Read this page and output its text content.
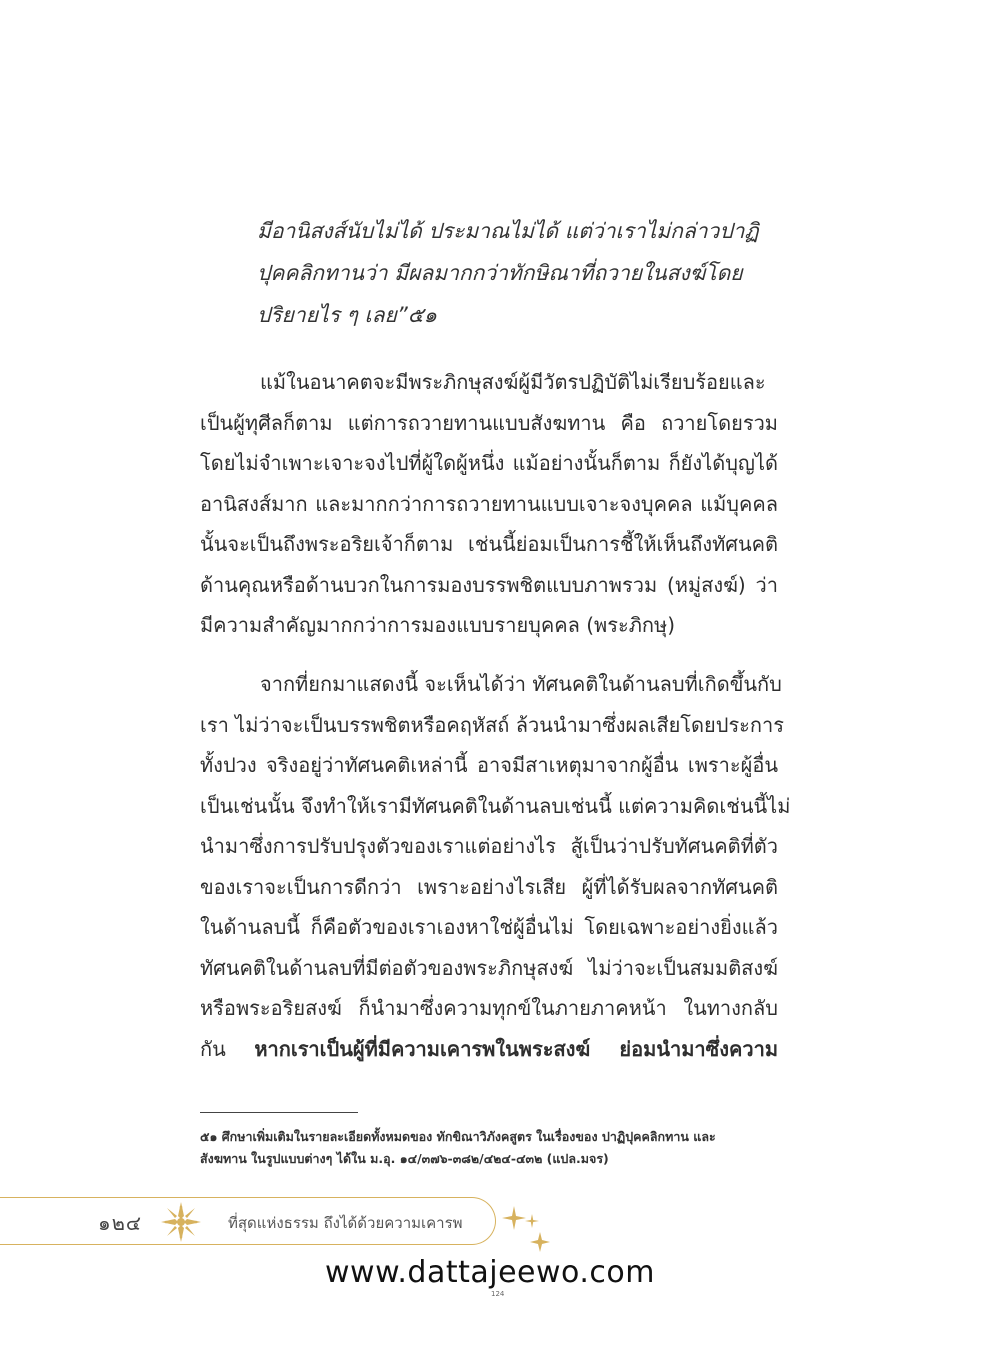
มีอานิสงส์นับไม่ได้ ประมาณไม่ได้ แต่ว่าเราไม่กล่าวปาฏิ
ปุคคลิกทานว่า มีผลมากกว่าทักษิณาที่ถวายในสงฆ์โดย
ปริยายไร ๆ เลย”๕๑
แม้ในอนาคตจะมีพระภิกษุสงฆ์ผู้มีวัตรปฏิบัติไม่เรียบร้อยและ
เป็นผู้ทุศีลก็ตาม แต่การถวายทานแบบสังฆทาน คือ ถวายโดยรวม
โดยไม่จำเพาะเจาะจงไปที่ผู้ใดผู้หนึ่ง แม้อย่างนั้นก็ตาม ก็ยังได้บุญได้
อานิสงส์มาก และมากกว่าการถวายทานแบบเจาะจงบุคคล แม้บุคคล
นั้นจะเป็นถึงพระอริยเจ้าก็ตาม เช่นนี้ย่อมเป็นการชี้ให้เห็นถึงทัศนคติ
ด้านคุณหรือด้านบวกในการมองบรรพชิตแบบภาพรวม (หมู่สงฆ์) ว่า
มีความสำคัญมากกว่าการมองแบบรายบุคคล (พระภิกษุ)
จากที่ยกมาแสดงนี้ จะเห็นได้ว่า ทัศนคติในด้านลบที่เกิดขึ้นกับ
เรา ไม่ว่าจะเป็นบรรพชิตหรือคฤหัสถ์ ล้วนนำมาซึ่งผลเสียโดยประการ
ทั้งปวง จริงอยู่ว่าทัศนคติเหล่านี้ อาจมีสาเหตุมาจากผู้อื่น เพราะผู้อื่น
เป็นเช่นนั้น จึงทำให้เรามีทัศนคติในด้านลบเช่นนี้ แต่ความคิดเช่นนี้ไม่
นำมาซึ่งการปรับปรุงตัวของเราแต่อย่างไร สู้เป็นว่าปรับทัศนคติที่ตัว
ของเราจะเป็นการดีกว่า เพราะอย่างไรเสีย ผู้ที่ได้รับผลจากทัศนคติ
ในด้านลบนี้ ก็คือตัวของเราเองหาใช่ผู้อื่นไม่ โดยเฉพาะอย่างยิ่งแล้ว
ทัศนคติในด้านลบที่มีต่อตัวของพระภิกษุสงฆ์ ไม่ว่าจะเป็นสมมติสงฆ์
หรือพระอริยสงฆ์ ก็นำมาซึ่งความทุกข์ในภายภาคหน้า ในทางกลับ
กัน หากเราเป็นผู้ที่มีความเคารพในพระสงฆ์ ย่อมนำมาซึ่งความ
๕๑ ศึกษาเพิ่มเติมในรายละเอียดทั้งหมดของ ทักขิณาวิภังคสูตร ในเรื่องของ ปาฏิปุคคลิกทาน และ
สังฆทาน ในรูปแบบต่างๆ ได้ใน ม.อุ. ๑๔/๓๗๖-๓๘๒/๔๒๔-๔๓๒ (แปล.มจร)
๑๒๔	ที่สุดแห่งธรรม ถึงได้ด้วยความเคารพ
www.dattajeewo.com
124
